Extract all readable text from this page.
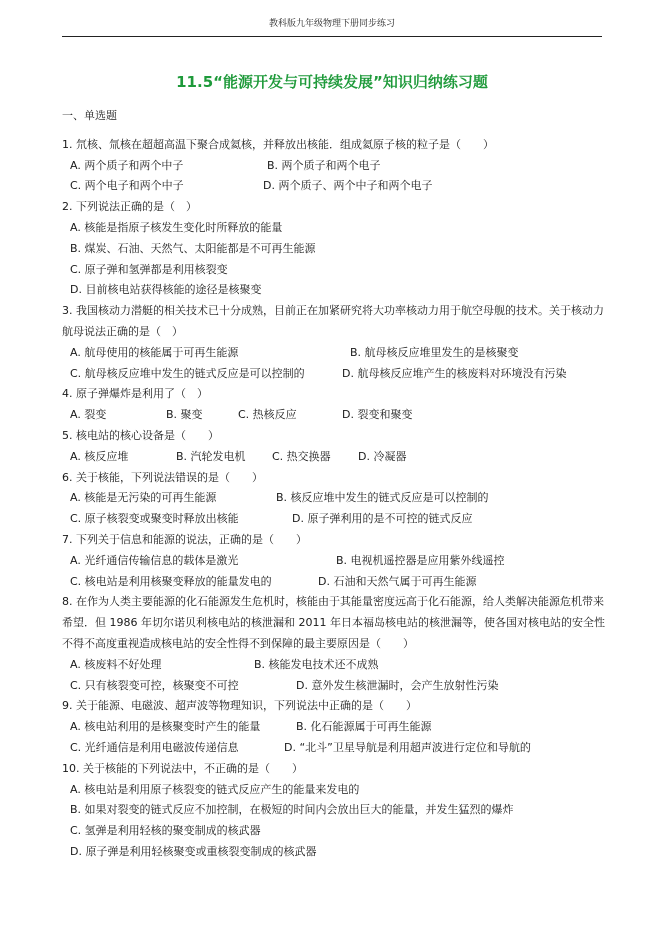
教科版九年级物理下册同步练习
11.5“能源开发与可持续发展”知识归纳练习题
一、单选题
1. 氘核、氚核在超超高温下聚合成氦核，并释放出核能．组成氦原子核的粒子是（　　）
A. 两个质子和两个中子	B. 两个质子和两个电子
C. 两个电子和两个中子	D. 两个质子、两个中子和两个电子
2. 下列说法正确的是（　）
A. 核能是指原子核发生变化时所释放的能量
B. 煤炭、石油、天然气、太阳能都是不可再生能源
C. 原子弹和氢弹都是利用核裂变
D. 目前核电站获得核能的途径是核聚变
3. 我国核动力潜艇的相关技术已十分成熟，目前正在加紧研究将大功率核动力用于航空母舰的技术。关于核动力航母说法正确的是（　）
A. 航母使用的核能属于可再生能源	B. 航母核反应堆里发生的是核聚变
C. 航母核反应堆中发生的链式反应是可以控制的	D. 航母核反应堆产生的核废料对环境没有污染
4. 原子弹爆炸是利用了（　）
A. 裂变	B. 聚变	C. 热核反应	D. 裂变和聚变
5. 核电站的核心设备是（　　）
A. 核反应堆	B. 汽轮发电机	C. 热交换器	D. 冷凝器
6. 关于核能，下列说法错误的是（　　）
A. 核能是无污染的可再生能源	B. 核反应堆中发生的链式反应是可以控制的
C. 原子核裂变或聚变时释放出核能	D. 原子弹利用的是不可控的链式反应
7. 下列关于信息和能源的说法，正确的是（　　）
A. 光纤通信传输信息的载体是激光	B. 电视机遥控器是应用紫外线遥控
C. 核电站是利用核聚变释放的能量发电的	D. 石油和天然气属于可再生能源
8. 在作为人类主要能源的化石能源发生危机时，核能由于其能量密度远高于化石能源，给人类解决能源危机带来希望．但 1986 年切尔诺贝利核电站的核泄漏和 2011 年日本福岛核电站的核泄漏等，使各国对核电站的安全性不得不高度重视造成核电站的安全性得不到保障的最主要原因是（　　）
A. 核废料不好处理	B. 核能发电技术还不成熟
C. 只有核裂变可控，核聚变不可控	D. 意外发生核泄漏时，会产生放射性污染
9. 关于能源、电磁波、超声波等物理知识，下列说法中正确的是（　　）
A. 核电站利用的是核聚变时产生的能量	B. 化石能源属于可再生能源
C. 光纤通信是利用电磁波传递信息	D. “北斗”卫星导航是利用超声波进行定位和导航的
10. 关于核能的下列说法中，不正确的是（　　）
A. 核电站是利用原子核裂变的链式反应产生的能量来发电的
B. 如果对裂变的链式反应不加控制，在极短的时间内会放出巨大的能量，并发生猛烈的爆炸
C. 氢弹是利用轻核的聚变制成的核武器
D. 原子弹是利用轻核聚变或重核裂变制成的核武器
